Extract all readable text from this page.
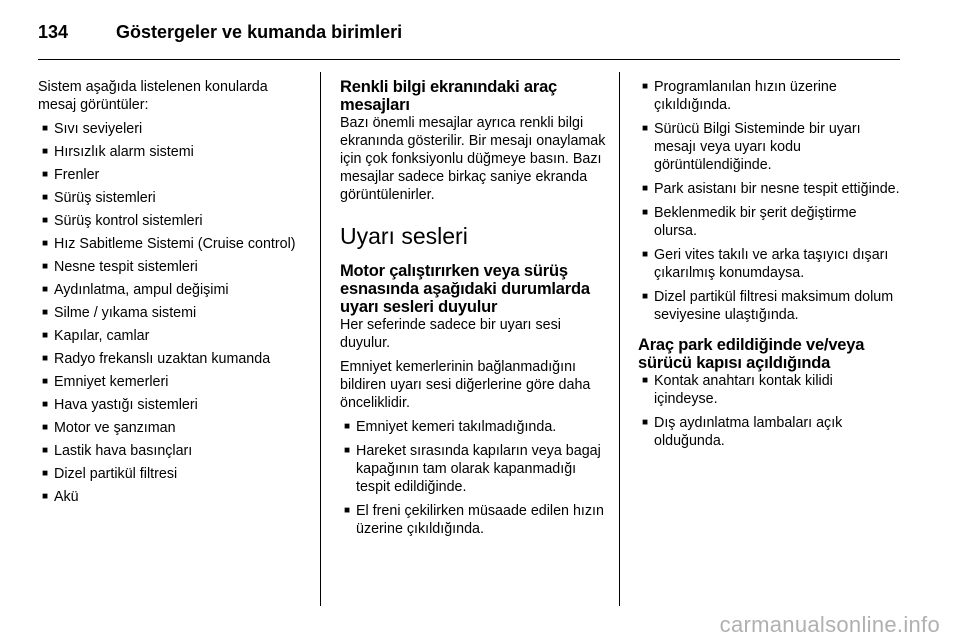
134	Göstergeler ve kumanda birimleri

Sistem aşağıda listelenen konularda mesaj görüntüler:

■
Sıvı seviyeleri
■
Hırsızlık alarm sistemi
■
Frenler
■
Sürüş sistemleri
■
Sürüş kontrol sistemleri
■
Hız Sabitleme Sistemi (Cruise control)
■
Nesne tespit sistemleri
■
Aydınlatma, ampul değişimi
■
Silme / yıkama sistemi
■
Kapılar, camlar
■
Radyo frekanslı uzaktan kumanda
■
Emniyet kemerleri
■
Hava yastığı sistemleri
■
Motor ve şanzıman
■
Lastik hava basınçları
■
Dizel partikül filtresi
■
Akü
Renkli bilgi ekranındaki araç mesajları

Bazı önemli mesajlar ayrıca renkli bilgi ekranında gösterilir. Bir mesajı onaylamak için çok fonksiyonlu düğmeye basın. Bazı mesajlar sadece birkaç saniye ekranda görüntülenirler.

Uyarı sesleri
Motor çalıştırırken veya sürüş esnasında aşağıdaki durumlarda uyarı sesleri duyulur

Her seferinde sadece bir uyarı sesi duyulur.

Emniyet kemerlerinin bağlanmadığını bildiren uyarı sesi diğerlerine göre daha önceliklidir.

■
Emniyet kemeri takılmadığında.
■
Hareket sırasında kapıların veya bagaj kapağının tam olarak kapanmadığı tespit edildiğinde.
■
El freni çekilirken müsaade edilen hızın üzerine çıkıldığında.
■
Programlanılan hızın üzerine çıkıldığında.
■
Sürücü Bilgi Sisteminde bir uyarı mesajı veya uyarı kodu görüntülendiğinde.
■
Park asistanı bir nesne tespit ettiğinde.
■
Beklenmedik bir şerit değiştirme olursa.
■
Geri vites takılı ve arka taşıyıcı dışarı çıkarılmış konumdaysa.
■
Dizel partikül filtresi maksimum dolum seviyesine ulaştığında.
Araç park edildiğinde ve/veya sürücü kapısı açıldığında
■
Kontak anahtarı kontak kilidi içindeyse.
■
Dış aydınlatma lambaları açık olduğunda.
carmanualsonline.info
